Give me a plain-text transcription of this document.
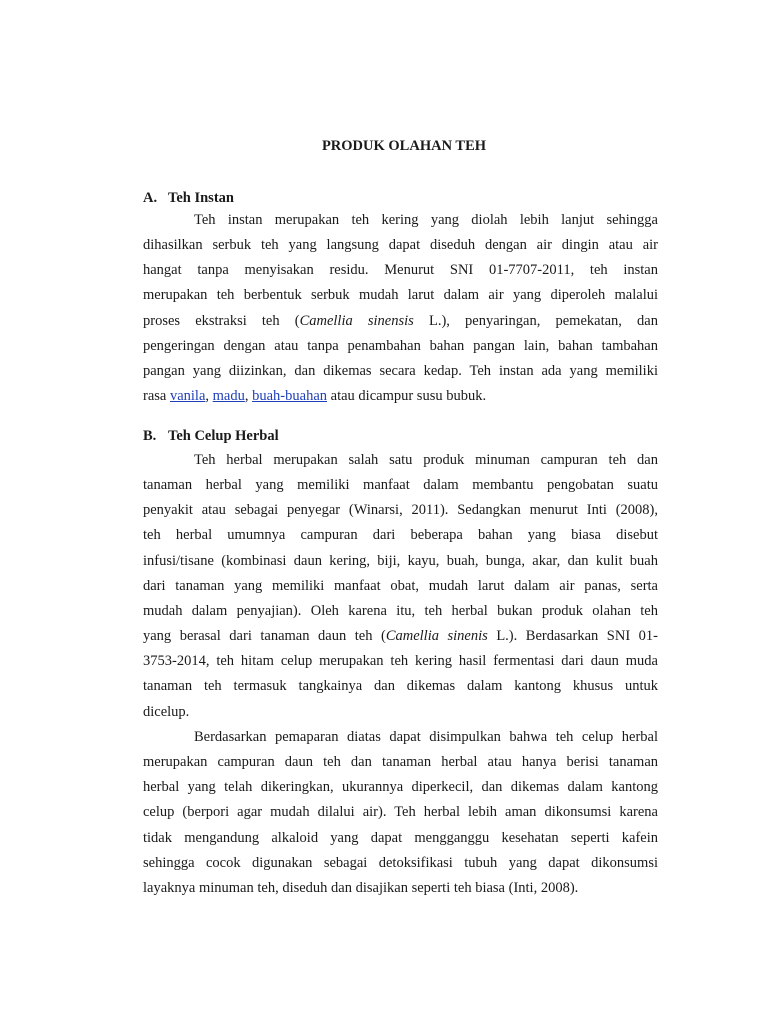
PRODUK OLAHAN TEH
A. Teh Instan
Teh instan merupakan teh kering yang diolah lebih lanjut sehingga
dihasilkan serbuk teh yang langsung dapat diseduh dengan air dingin atau air
hangat tanpa menyisakan residu. Menurut SNI 01-7707-2011, teh instan
merupakan teh berbentuk serbuk mudah larut dalam air yang diperoleh malalui
proses ekstraksi teh (Camellia sinensis L.), penyaringan, pemekatan, dan
pengeringan dengan atau tanpa penambahan bahan pangan lain, bahan tambahan
pangan yang diizinkan, dan dikemas secara kedap. Teh instan ada yang memiliki
rasa vanila, madu, buah-buahan atau dicampur susu bubuk.
B. Teh Celup Herbal
Teh herbal merupakan salah satu produk minuman campuran teh dan
tanaman herbal yang memiliki manfaat dalam membantu pengobatan suatu
penyakit atau sebagai penyegar (Winarsi, 2011). Sedangkan menurut Inti (2008),
teh herbal umumnya campuran dari beberapa bahan yang biasa disebut
infusi/tisane (kombinasi daun kering, biji, kayu, buah, bunga, akar, dan kulit buah
dari tanaman yang memiliki manfaat obat, mudah larut dalam air panas, serta
mudah dalam penyajian). Oleh karena itu, teh herbal bukan produk olahan teh
yang berasal dari tanaman daun teh (Camellia sinenis L.). Berdasarkan SNI 01-
3753-2014, teh hitam celup merupakan teh kering hasil fermentasi dari daun muda
tanaman teh termasuk tangkainya dan dikemas dalam kantong khusus untuk
dicelup.
Berdasarkan pemaparan diatas dapat disimpulkan bahwa teh celup herbal
merupakan campuran daun teh dan tanaman herbal atau hanya berisi tanaman
herbal yang telah dikeringkan, ukurannya diperkecil, dan dikemas dalam kantong
celup (berpori agar mudah dilalui air). Teh herbal lebih aman dikonsumsi karena
tidak mengandung alkaloid yang dapat mengganggu kesehatan seperti kafein
sehingga cocok digunakan sebagai detoksifikasi tubuh yang dapat dikonsumsi
layaknya minuman teh, diseduh dan disajikan seperti teh biasa (Inti, 2008).
